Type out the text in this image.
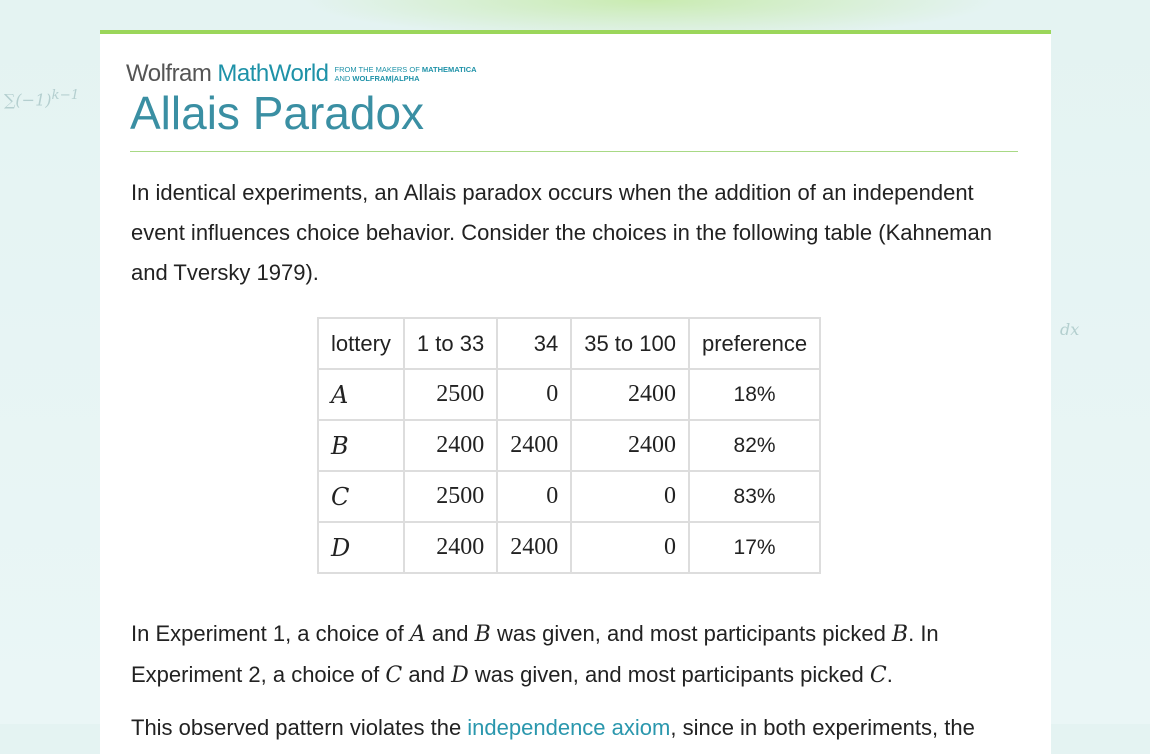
$\sum(-1)^{k-1}$
dx
Wolfram MathWorld FROM THE MAKERS OF MATHEMATICA
AND WOLFRAM|ALPHA
Allais Paradox

In identical experiments, an Allais paradox occurs when the addition of an independent event influences choice behavior. Consider the choices in the following table (Kahneman and Tversky 1979).

lottery	1 to 33	34	35 to 100	preference
A	2500	0	2400	18%
B	2400	2400	2400	82%
C	2500	0	0	83%
D	2400	2400	0	17%

In Experiment 1, a choice of A and B was given, and most participants picked B. In Experiment 2, a choice of C and D was given, and most participants picked C.

This observed pattern violates the independence axiom, since in both experiments, the
